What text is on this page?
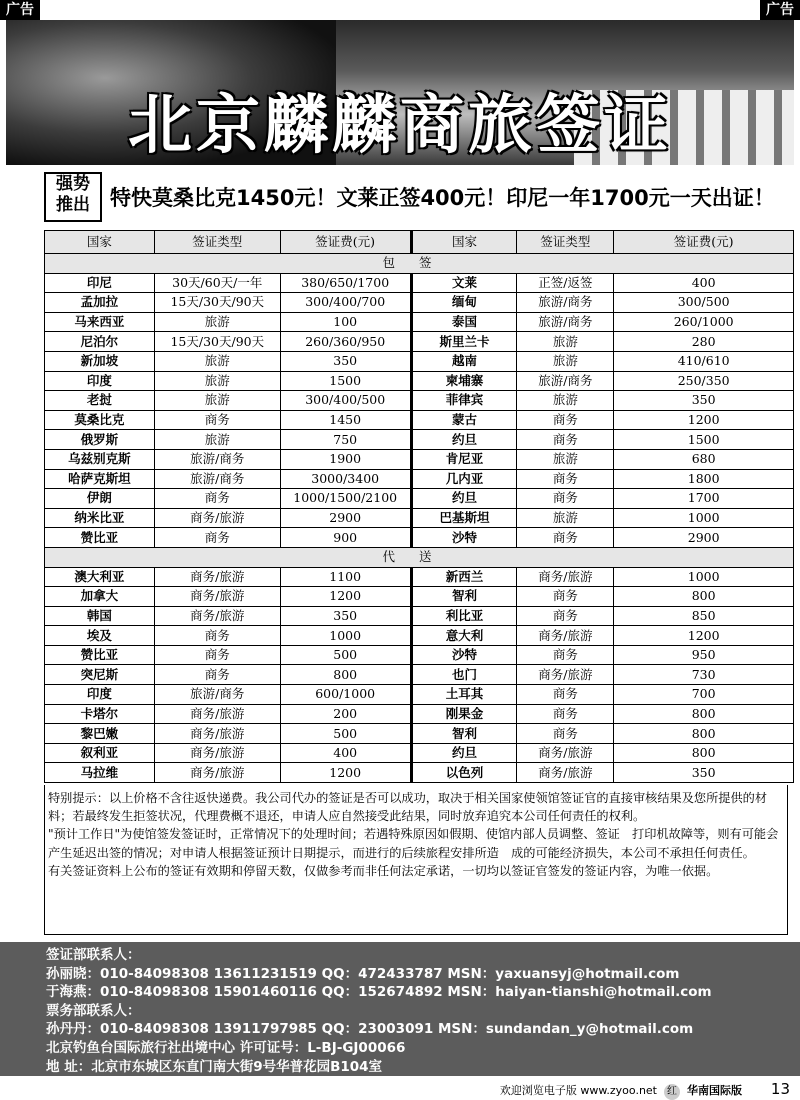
广告	广告
北京麟麟商旅签证
强势
推出 特快莫桑比克1450元！文莱正签400元！印尼一年1700元一天出证！
国家	签证类型	签证费(元)	国家	签证类型	签证费(元)
包签					
印尼	30天/60天/一年	380/650/1700	文莱	正签/返签	400
孟加拉	15天/30天/90天	300/400/700	缅甸	旅游/商务	300/500
马来西亚	旅游	100	泰国	旅游/商务	260/1000
尼泊尔	15天/30天/90天	260/360/950	斯里兰卡	旅游	280
新加坡	旅游	350	越南	旅游	410/610
印度	旅游	1500	柬埔寨	旅游/商务	250/350
老挝	旅游	300/400/500	菲律宾	旅游	350
莫桑比克	商务	1450	蒙古	商务	1200
俄罗斯	旅游	750	约旦	商务	1500
乌兹别克斯	旅游/商务	1900	肯尼亚	旅游	680
哈萨克斯坦	旅游/商务	3000/3400	几内亚	商务	1800
伊朗	商务	1000/1500/2100	约旦	商务	1700
纳米比亚	商务/旅游	2900	巴基斯坦	旅游	1000
赞比亚	商务	900	沙特	商务	2900
代送					
澳大利亚	商务/旅游	1100	新西兰	商务/旅游	1000
加拿大	商务/旅游	1200	智利	商务	800
韩国	商务/旅游	350	利比亚	商务	850
埃及	商务	1000	意大利	商务/旅游	1200
赞比亚	商务	500	沙特	商务	950
突尼斯	商务	800	也门	商务/旅游	730
印度	旅游/商务	600/1000	土耳其	商务	700
卡塔尔	商务/旅游	200	刚果金	商务	800
黎巴嫩	商务/旅游	500	智利	商务	800
叙利亚	商务/旅游	400	约旦	商务/旅游	800
马拉维	商务/旅游	1200	以色列	商务/旅游	350

特别提示：以上价格不含往返快递费。我公司代办的签证是否可以成功，取决于相关国家使领馆签证官的直接审核结果及您所提供的材料；若最终发生拒签状况，代理费概不退还，申请人应自然接受此结果，同时放弃追究本公司任何责任的权利。

"预计工作日"为使馆签发签证时，正常情况下的处理时间；若遇特殊原因如假期、使馆内部人员调整、签证　打印机故障等，则有可能会产生延迟出签的情况；对申请人根据签证预计日期提示，而进行的后续旅程安排所造　成的可能经济损失，本公司不承担任何责任。

有关签证资料上公布的签证有效期和停留天数，仅做参考而非任何法定承诺，一切均以签证官签发的签证内容，为唯一依据。

签证部联系人：
孙丽晓：010-84098308 13611231519 QQ：472433787 MSN：yaxuansyj@hotmail.com
于海燕：010-84098308 15901460116 QQ：152674892 MSN：haiyan-tianshi@hotmail.com
票务部联系人：
孙丹丹：010-84098308 13911797985 QQ：23003091 MSN：sundandan_y@hotmail.com
北京钓鱼台国际旅行社出境中心 许可证号：L-BJ-GJ00066
地 址：北京市东城区东直门南大街9号华普花园B104室
欢迎浏览电子版 www.zyoo.net 红 华南国际版 13
